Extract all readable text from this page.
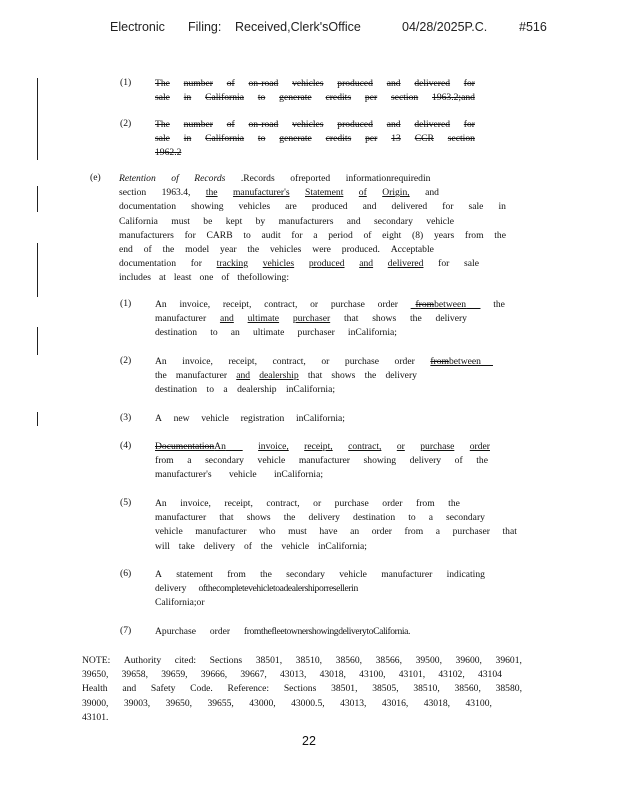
Electronic Filing: Received,Clerk'sOffice	04/28/2025P.C.	#516
(1) The number of on-road vehicles produced and delivered for
sale in California to generate credits per section 1963.2;and
(2) The number of on-road vehicles produced and delivered for
sale in California to generate credits per 13 CCR section
1962.2
(e) Retention of Records .Records ofreported informationrequiredin
section 1963.4, the manufacturer's Statement of Origin, and
documentation showing vehicles are produced and delivered for sale in
California must be kept by manufacturers and secondary vehicle
manufacturers for CARB to audit for a period of eight (8) years from the
end of the model year the vehicles were produced. Acceptable
documentation for tracking vehicles produced and delivered for sale
includes at least one of thefollowing:
(1) An invoice, receipt, contract, or purchase order	frombetween	the
manufacturer and ultimate purchaser that shows the delivery
destination to an ultimate purchaser inCalifornia;
(2) An invoice, receipt, contract, or purchase order frombetween
the manufacturer and dealership that shows the delivery
destination to a dealership inCalifornia;
(3) A new vehicle registration inCalifornia;
(4) DocumentationAn	invoice, receipt, contract, or purchase order
from a secondary vehicle manufacturer showing delivery of the
manufacturer's vehicle inCalifornia;
(5) An invoice, receipt, contract, or purchase order from the
manufacturer that shows the delivery destination to a secondary
vehicle manufacturer who must have an order from a purchaser that
will take delivery of the vehicle inCalifornia;
(6) A statement from the secondary vehicle manufacturer indicating
delivery ofthecompletevehicletoadealershiporresellerin
California;or
(7) Apurchase order fromthefleetownershowingdeliverytoCalifornia.
NOTE: Authority cited: Sections 38501, 38510, 38560, 38566, 39500, 39600, 39601,
39650, 39658, 39659, 39666, 39667, 43013, 43018, 43100, 43101, 43102, 43104
Health and Safety Code. Reference: Sections 38501, 38505, 38510, 38560, 38580,
39000, 39003, 39650, 39655, 43000, 43000.5, 43013, 43016, 43018, 43100,
43101.
22
